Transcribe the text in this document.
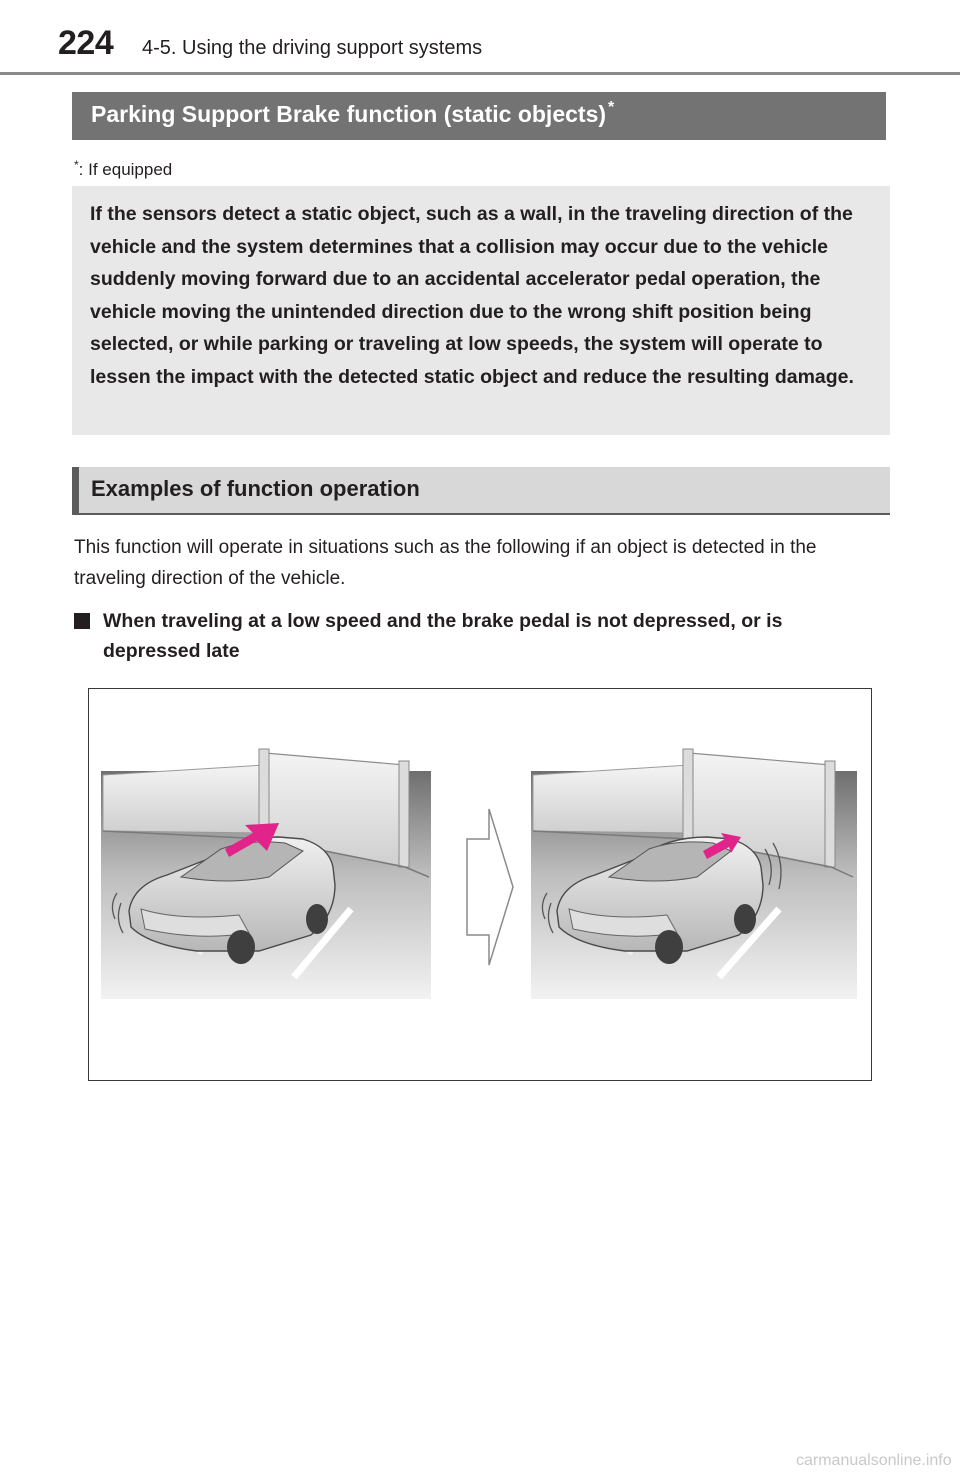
224 4-5. Using the driving support systems
Parking Support Brake function (static objects) *
*: If equipped
If the sensors detect a static object, such as a wall, in the traveling direction of the vehicle and the system determines that a collision may occur due to the vehicle suddenly moving forward due to an accidental accelerator pedal operation, the vehicle moving the unintended direction due to the wrong shift position being selected, or while parking or traveling at low speeds, the system will operate to lessen the impact with the detected static object and reduce the resulting damage.
Examples of function operation
This function will operate in situations such as the following if an object is detected in the traveling direction of the vehicle.
When traveling at a low speed and the brake pedal is not depressed, or is depressed late
carmanualsonline.info
